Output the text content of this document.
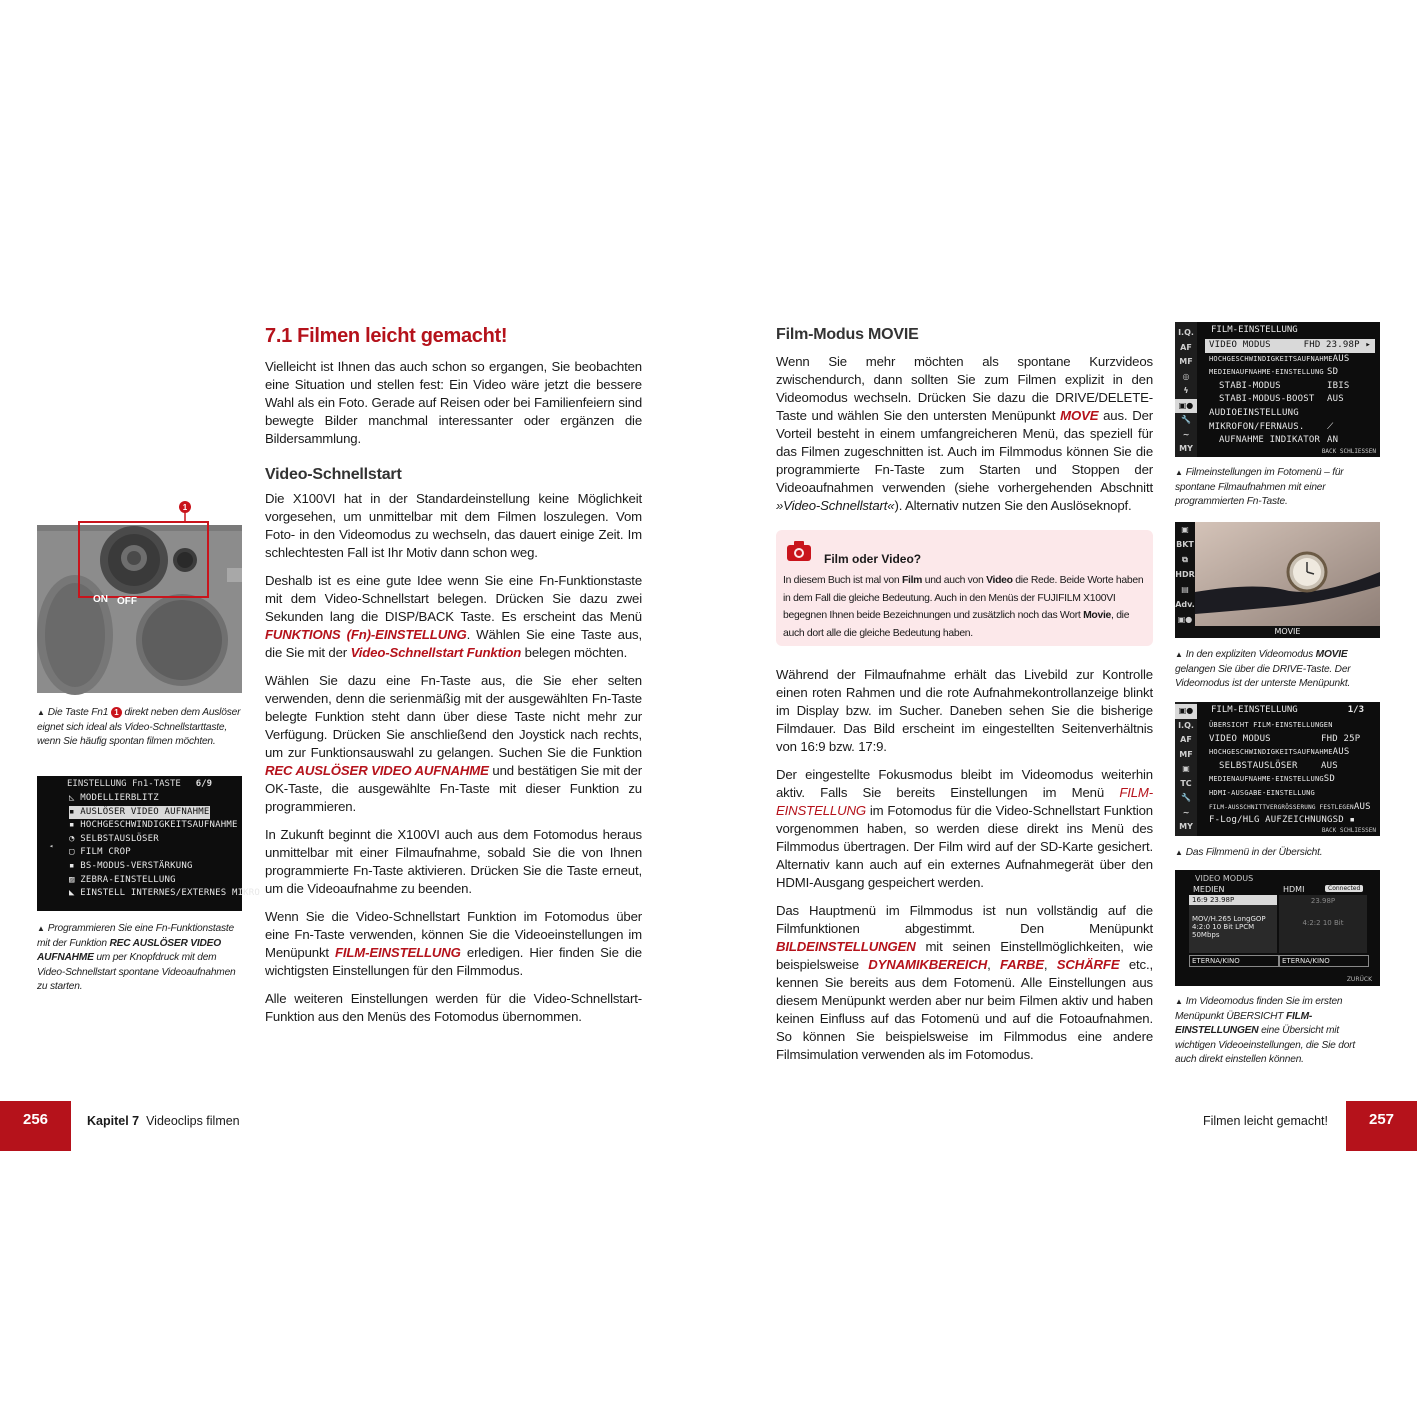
7.1 Filmen leicht gemacht!

Vielleicht ist Ihnen das auch schon so ergangen, Sie beobachten eine Situation und stellen fest: Ein Video wäre jetzt die bessere Wahl als ein Foto. Gerade auf Reisen oder bei Familienfeiern sind bewegte Bilder manchmal interessanter oder ergänzen die Bildersammlung.

Video-Schnellstart

Die X100VI hat in der Standardeinstellung keine Möglichkeit vorgesehen, um unmittelbar mit dem Filmen loszulegen. Vom Foto- in den Videomodus zu wechseln, das dauert einige Zeit. Im schlechtesten Fall ist Ihr Motiv dann schon weg.

Deshalb ist es eine gute Idee wenn Sie eine Fn-Funktionstaste mit dem Video-Schnellstart belegen. Drücken Sie dazu zwei Sekunden lang die DISP/BACK Taste. Es erscheint das Menü FUNKTIONS (Fn)-EINSTELLUNG. Wählen Sie eine Taste aus, die Sie mit der Video-Schnellstart Funktion belegen möchten.

Wählen Sie dazu eine Fn-Taste aus, die Sie eher selten verwenden, denn die serienmäßig mit der ausgewählten Fn-Taste belegte Funktion steht dann über diese Taste nicht mehr zur Verfügung. Drücken Sie anschließend den Joystick nach rechts, um zur Funktionsauswahl zu gelangen. Suchen Sie die Funktion REC AUSLÖSER VIDEO AUFNAHME und bestätigen Sie mit der OK-Taste, die ausgewählte Fn-Taste mit dieser Funktion zu programmieren.

In Zukunft beginnt die X100VI auch aus dem Fotomodus heraus unmittelbar mit einer Filmaufnahme, sobald Sie die von Ihnen programmierte Fn-Taste aktivieren. Drücken Sie die Taste erneut, um die Videoaufnahme zu beenden.

Wenn Sie die Video-Schnellstart Funktion im Fotomodus über eine Fn-Taste verwenden, können Sie die Videoeinstellungen im Menüpunkt FILM-EINSTELLUNG erledigen. Hier finden Sie die wichtigsten Einstellungen für den Filmmodus.

Alle weiteren Einstellungen werden für die Video-Schnellstart-Funktion aus den Menüs des Fotomodus übernommen.

1
ON OFF
▲ Die Taste Fn1 1 direkt neben dem Auslöser eignet sich ideal als Video-Schnellstarttaste, wenn Sie häufig spontan filmen möchten.
EINSTELLUNG Fn1-TASTE 6/9
◺ MODELLIERBLITZ
▪ AUSLÖSER VIDEO AUFNAHME
▪ HOCHGESCHWINDIGKEITSAUFNAHME
◔ SELBSTAUSLÖSER
▢ FILM CROP
▪ BS-MODUS-VERSTÄRKUNG
▨ ZEBRA-EINSTELLUNG
◣ EINSTELL INTERNES/EXTERNES MIKRO
◂
▲ Programmieren Sie eine Fn-Funktionstaste mit der Funktion REC AUSLÖSER VIDEO AUFNAHME um per Knopfdruck mit dem Video-Schnellstart spontane Videoaufnahmen zu starten.
Film-Modus MOVIE

Wenn Sie mehr möchten als spontane Kurzvideos zwischendurch, dann sollten Sie zum Filmen explizit in den Videomodus wechseln. Drücken Sie dazu die DRIVE/DELETE-Taste und wählen Sie den untersten Menüpunkt MOVE aus. Der Vorteil besteht in einem umfangreicheren Menü, das speziell für das Filmen zugeschnitten ist. Auch im Filmmodus können Sie die programmierte Fn-Taste zum Starten und Stoppen der Videoaufnahmen verwenden (siehe vorhergehenden Abschnitt »Video-Schnellstart«). Alternativ nutzen Sie den Auslöseknopf.

Film oder Video?
In diesem Buch ist mal von Film und auch von Video die Rede. Beide Worte haben in dem Fall die gleiche Bedeutung. Auch in den Menüs der FUJIFILM X100VI begegnen Ihnen beide Bezeichnungen und zusätzlich noch das Wort Movie, die auch dort alle die gleiche Bedeutung haben.

Während der Filmaufnahme erhält das Livebild zur Kontrolle einen roten Rahmen und die rote Aufnahmekontrollanzeige blinkt im Display bzw. im Sucher. Daneben sehen Sie die bisherige Filmdauer. Das Bild erscheint im eingestellten Seitenverhältnis von 16:9 bzw. 17:9.

Der eingestellte Fokusmodus bleibt im Videomodus weiterhin aktiv. Falls Sie bereits Einstellungen im Menü FILM-EINSTELLUNG im Fotomodus für die Video-Schnellstart Funktion vorgenommen haben, so werden diese direkt ins Menü des Filmmodus übertragen. Der Film wird auf der SD-Karte gesichert. Alternativ kann auch auf ein externes Aufnahmegerät über den HDMI-Ausgang gespeichert werden.

Das Hauptmenü im Filmmodus ist nun vollständig auf die Filmfunktionen abgestimmt. Den Menüpunkt BILDEINSTELLUNGEN mit seinen Einstellmöglichkeiten, wie beispielsweise DYNAMIKBEREICH, FARBE, SCHÄRFE etc., kennen Sie bereits aus dem Fotomenü. Alle Einstellungen aus diesem Menüpunkt werden aber nur beim Filmen aktiv und haben keinen Einfluss auf das Fotomenü und auf die Fotoaufnahmen. So können Sie beispielsweise im Filmmodus eine andere Filmsimulation verwenden als im Fotomodus.

I.Q.
AF MF
◎
ϟ
▣●
🔧
∼
MY
FILM-EINSTELLUNG
VIDEO MODUS	FHD 23.98P ▸
HOCHGESCHWINDIGKEITSAUFNAHME AUS
MEDIENAUFNAHME-EINSTELLUNG SD
STABI-MODUS	IBIS
STABI-MODUS-BOOST AUS
AUDIOEINSTELLUNG
MIKROFON/FERNAUS. ⟋
AUFNAHME INDIKATOR AN
BACK SCHLIESSEN
▲ Filmeinstellungen im Fotomenü – für spontane Filmaufnahmen mit einer programmierten Fn-Taste.
▣
BKT
⧉
HDR
▤
Adv.
▣●
MOVIE
▲ In den expliziten Videomodus MOVIE gelangen Sie über die DRIVE-Taste. Der Videomodus ist der unterste Menüpunkt.
▣●
I.Q.
AF MF
▣
TC
🔧
∼
MY
FILM-EINSTELLUNG	1/3
ÜBERSICHT FILM-EINSTELLUNGEN
VIDEO MODUS	FHD 25P
HOCHGESCHWINDIGKEITSAUFNAHME AUS
SELBSTAUSLÖSER	AUS
MEDIENAUFNAHME-EINSTELLUNG SD
HDMI-AUSGABE-EINSTELLUNG
FILM-AUSSCHNITTVERGRÖSSERUNG FESTLEGEN AUS
F-Log/HLG AUFZEICHNUNG SD ▪
BACK SCHLIESSEN
▲ Das Filmmenü in der Übersicht.
VIDEO MODUS
MEDIEN	HDMI	Connected
16:9 23.98P
MOV/H.265 LongGOP
4:2:0 10 Bit LPCM
50Mbps
23.98P
4:2:2 10 Bit
ETERNA/KINO	ETERNA/KINO
ZURÜCK
▲ Im Videomodus finden Sie im ersten Menüpunkt ÜBERSICHT FILM-EINSTELLUNGEN eine Übersicht mit wichtigen Videoeinstellungen, die Sie dort auch direkt einstellen können.
256	Kapitel 7 Videoclips filmen	Filmen leicht gemacht!	257
